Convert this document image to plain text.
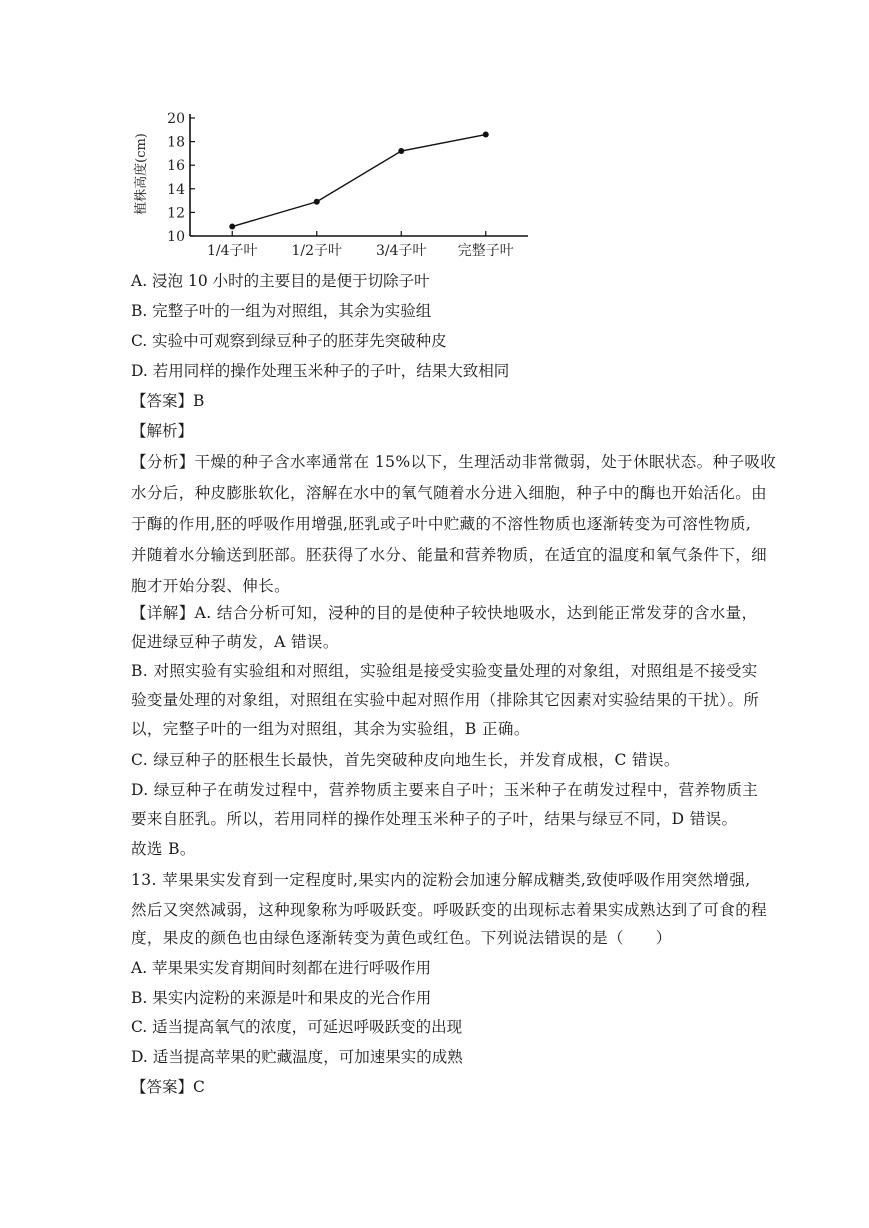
10
12
14
16
18
20
1/4子叶 1/2子叶 3/4子叶 完整子叶
植株高度(cm)
A. 浸泡 10 小时的主要目的是便于切除子叶
B. 完整子叶的一组为对照组，其余为实验组
C. 实验中可观察到绿豆种子的胚芽先突破种皮
D. 若用同样的操作处理玉米种子的子叶，结果大致相同
【答案】B
【解析】
【分析】干燥的种子含水率通常在 15%以下，生理活动非常微弱，处于休眠状态。种子吸收
水分后，种皮膨胀软化，溶解在水中的氧气随着水分进入细胞，种子中的酶也开始活化。由
于酶的作用,胚的呼吸作用增强,胚乳或子叶中贮藏的不溶性物质也逐渐转变为可溶性物质,
并随着水分输送到胚部。胚获得了水分、能量和营养物质，在适宜的温度和氧气条件下，细
胞才开始分裂、伸长。
【详解】A. 结合分析可知，浸种的目的是使种子较快地吸水，达到能正常发芽的含水量，
促进绿豆种子萌发，A 错误。
B. 对照实验有实验组和对照组，实验组是接受实验变量处理的对象组，对照组是不接受实
验变量处理的对象组，对照组在实验中起对照作用（排除其它因素对实验结果的干扰）。所
以，完整子叶的一组为对照组，其余为实验组，B 正确。
C. 绿豆种子的胚根生长最快，首先突破种皮向地生长，并发育成根，C 错误。
D. 绿豆种子在萌发过程中，营养物质主要来自子叶；玉米种子在萌发过程中，营养物质主
要来自胚乳。所以，若用同样的操作处理玉米种子的子叶，结果与绿豆不同，D 错误。
故选 B。
13. 苹果果实发育到一定程度时,果实内的淀粉会加速分解成糖类,致使呼吸作用突然增强,
然后又突然减弱，这种现象称为呼吸跃变。呼吸跃变的出现标志着果实成熟达到了可食的程
度，果皮的颜色也由绿色逐渐转变为黄色或红色。下列说法错误的是（　　）
A. 苹果果实发育期间时刻都在进行呼吸作用
B. 果实内淀粉的来源是叶和果皮的光合作用
C. 适当提高氧气的浓度，可延迟呼吸跃变的出现
D. 适当提高苹果的贮藏温度，可加速果实的成熟
【答案】C
